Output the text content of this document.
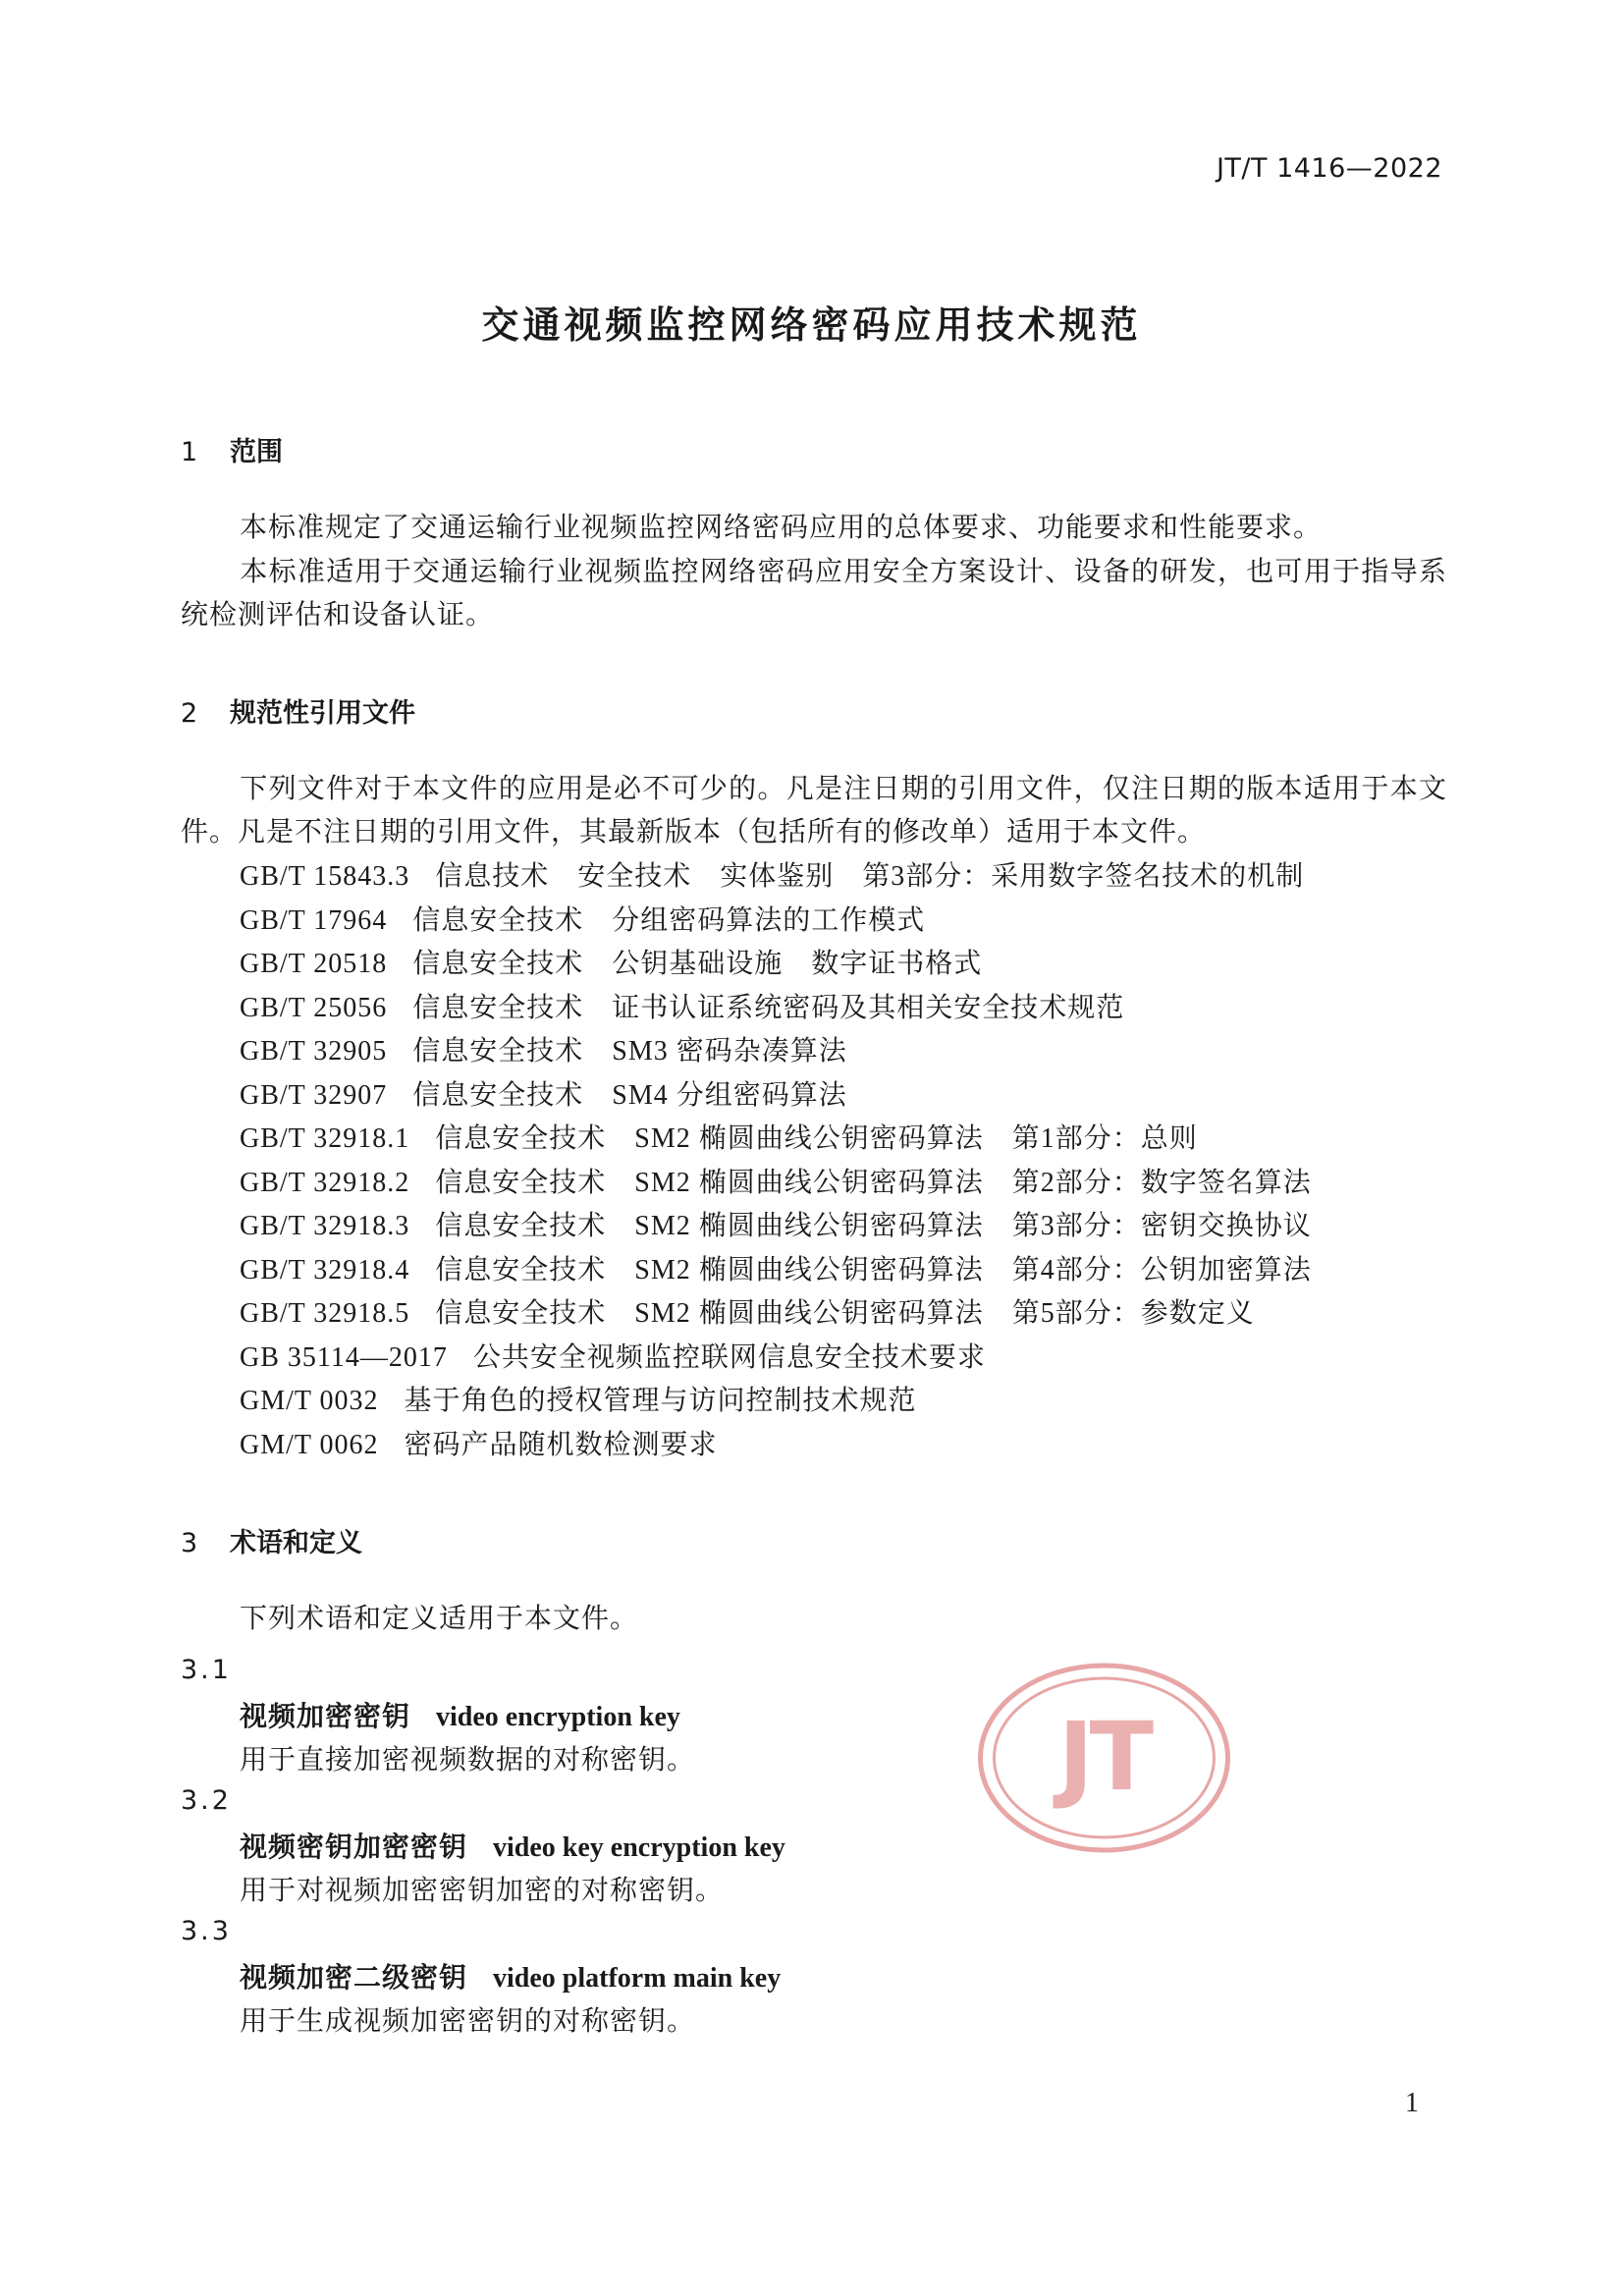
JT/T 1416—2022
交通视频监控网络密码应用技术规范
1 范围
本标准规定了交通运输行业视频监控网络密码应用的总体要求、功能要求和性能要求。
本标准适用于交通运输行业视频监控网络密码应用安全方案设计、设备的研发，也可用于指导系统检测评估和设备认证。
2 规范性引用文件
下列文件对于本文件的应用是必不可少的。凡是注日期的引用文件，仅注日期的版本适用于本文件。凡是不注日期的引用文件，其最新版本（包括所有的修改单）适用于本文件。
GB/T 15843.3 信息技术　安全技术　实体鉴别　第3部分：采用数字签名技术的机制
GB/T 17964 信息安全技术　分组密码算法的工作模式
GB/T 20518 信息安全技术　公钥基础设施　数字证书格式
GB/T 25056 信息安全技术　证书认证系统密码及其相关安全技术规范
GB/T 32905 信息安全技术　SM3 密码杂凑算法
GB/T 32907 信息安全技术　SM4 分组密码算法
GB/T 32918.1 信息安全技术　SM2 椭圆曲线公钥密码算法　第1部分：总则
GB/T 32918.2 信息安全技术　SM2 椭圆曲线公钥密码算法　第2部分：数字签名算法
GB/T 32918.3 信息安全技术　SM2 椭圆曲线公钥密码算法　第3部分：密钥交换协议
GB/T 32918.4 信息安全技术　SM2 椭圆曲线公钥密码算法　第4部分：公钥加密算法
GB/T 32918.5 信息安全技术　SM2 椭圆曲线公钥密码算法　第5部分：参数定义
GB 35114—2017 公共安全视频监控联网信息安全技术要求
GM/T 0032 基于角色的授权管理与访问控制技术规范
GM/T 0062 密码产品随机数检测要求
3 术语和定义
下列术语和定义适用于本文件。
3.1
视频加密密钥 video encryption key
用于直接加密视频数据的对称密钥。
3.2
视频密钥加密密钥 video key encryption key
用于对视频加密密钥加密的对称密钥。
3.3
视频加密二级密钥 video platform main key
用于生成视频加密密钥的对称密钥。
JT
1
